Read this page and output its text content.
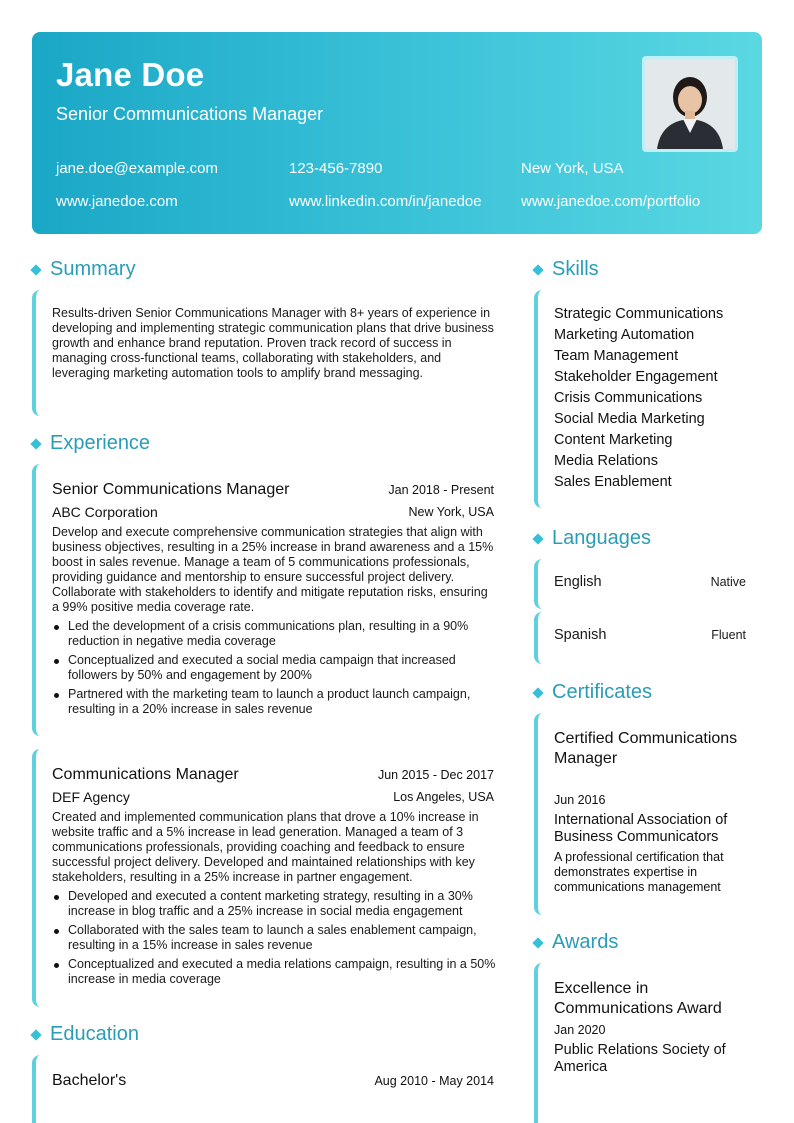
Jane Doe
Senior Communications Manager
jane.doe@example.com	123-456-7890	New York, USA
www.janedoe.com	www.linkedin.com/in/janedoe	www.janedoe.com/portfolio
Summary
Results-driven Senior Communications Manager with 8+ years of experience in developing and implementing strategic communication plans that drive business growth and enhance brand reputation. Proven track record of success in managing cross-functional teams, collaborating with stakeholders, and leveraging marketing automation tools to amplify brand messaging.
Experience
Senior Communications Manager	Jan 2018 - Present
ABC Corporation	New York, USA
Develop and execute comprehensive communication strategies that align with business objectives, resulting in a 25% increase in brand awareness and a 15% boost in sales revenue. Manage a team of 5 communications professionals, providing guidance and mentorship to ensure successful project delivery. Collaborate with stakeholders to identify and mitigate reputation risks, ensuring a 99% positive media coverage rate.
Led the development of a crisis communications plan, resulting in a 90% reduction in negative media coverage
Conceptualized and executed a social media campaign that increased followers by 50% and engagement by 200%
Partnered with the marketing team to launch a product launch campaign, resulting in a 20% increase in sales revenue
Communications Manager	Jun 2015 - Dec 2017
DEF Agency	Los Angeles, USA
Created and implemented communication plans that drove a 10% increase in website traffic and a 5% increase in lead generation. Managed a team of 3 communications professionals, providing coaching and feedback to ensure successful project delivery. Developed and maintained relationships with key stakeholders, resulting in a 25% increase in partner engagement.
Developed and executed a content marketing strategy, resulting in a 30% increase in blog traffic and a 25% increase in social media engagement
Collaborated with the sales team to launch a sales enablement campaign, resulting in a 15% increase in sales revenue
Conceptualized and executed a media relations campaign, resulting in a 50% increase in media coverage
Education
Bachelor's	Aug 2010 - May 2014
Skills
Strategic Communications
Marketing Automation
Team Management
Stakeholder Engagement
Crisis Communications
Social Media Marketing
Content Marketing
Media Relations
Sales Enablement
Languages
English	Native
Spanish	Fluent
Certificates
Certified Communications Manager
Jun 2016
International Association of Business Communicators
A professional certification that demonstrates expertise in communications management
Awards
Excellence in Communications Award
Jan 2020
Public Relations Society of America
